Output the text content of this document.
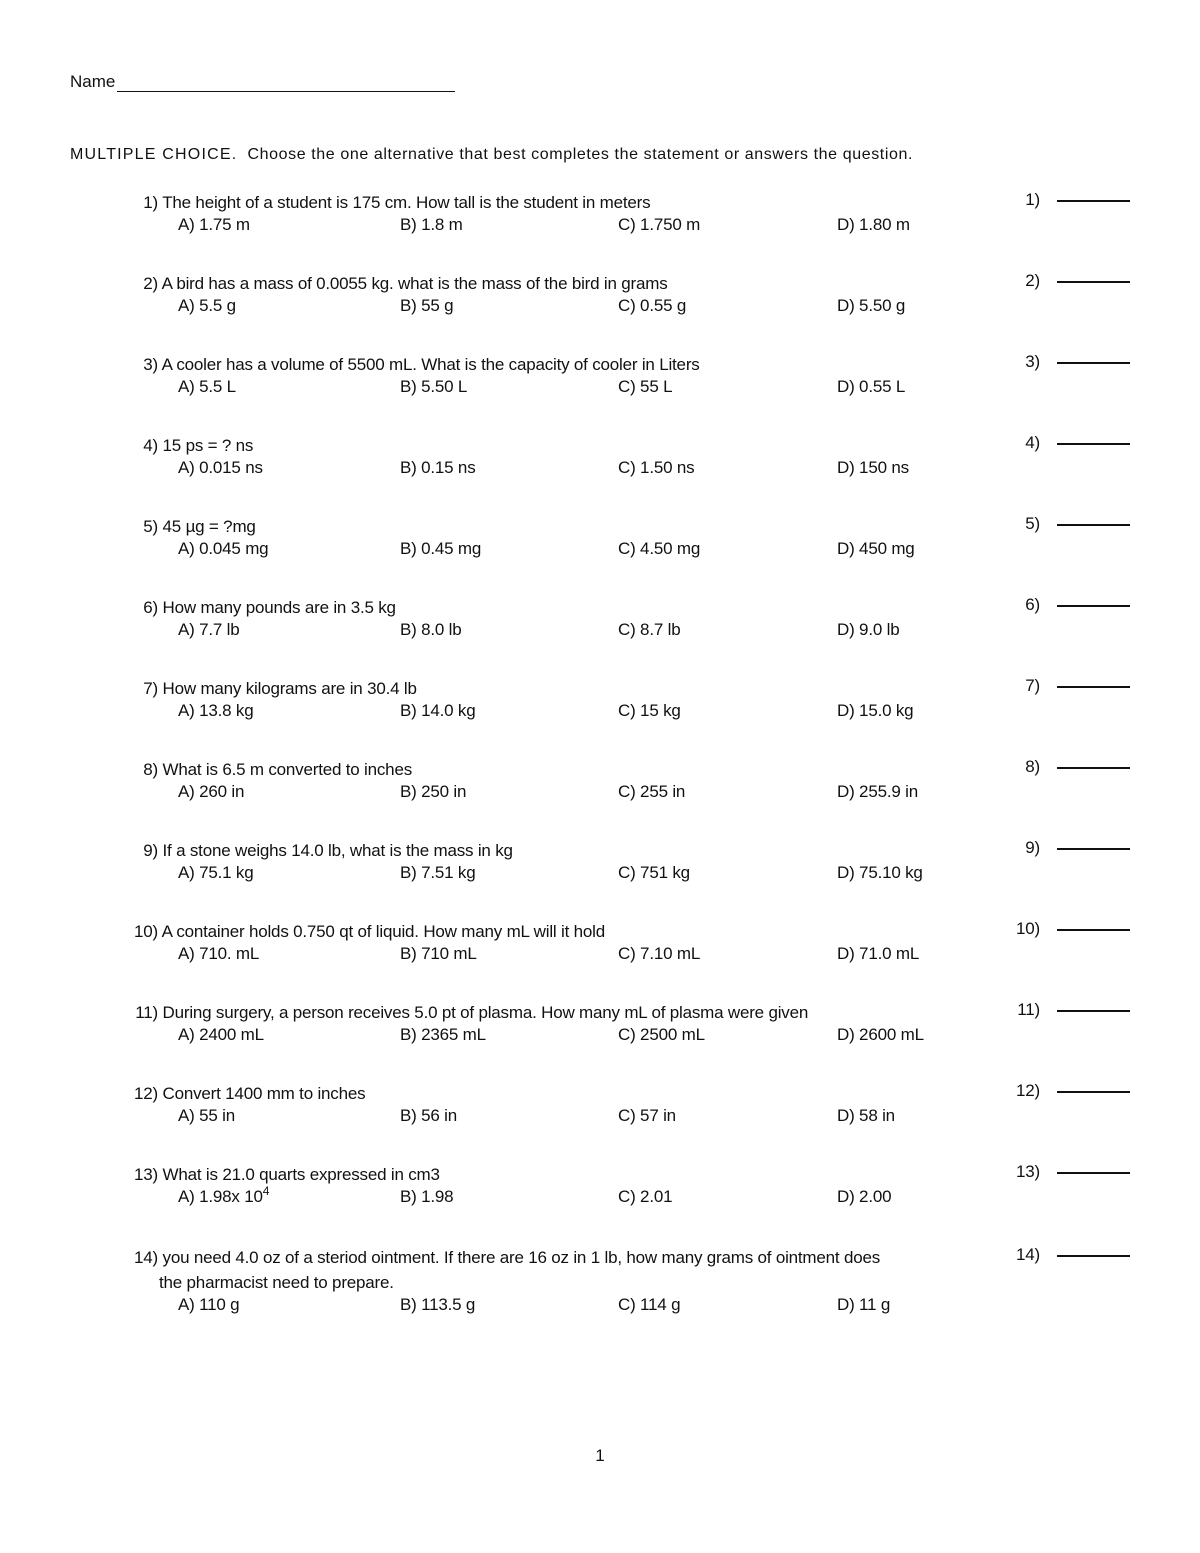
Name
MULTIPLE CHOICE. Choose the one alternative that best completes the statement or answers the question.
1) The height of a student is 175 cm. How tall is the student in meters
A) 1.75 m	B) 1.8 m	C) 1.750 m	D) 1.80 m
1)
2) A bird has a mass of 0.0055 kg. what is the mass of the bird in grams
A) 5.5 g	B) 55 g	C) 0.55 g	D) 5.50 g
2)
3) A cooler has a volume of 5500 mL. What is the capacity of cooler in Liters
A) 5.5 L	B) 5.50 L	C) 55 L	D) 0.55 L
3)
4) 15 ps = ? ns
A) 0.015 ns	B) 0.15 ns	C) 1.50 ns	D) 150 ns
4)
5) 45 µg = ?mg
A) 0.045 mg	B) 0.45 mg	C) 4.50 mg	D) 450 mg
5)
6) How many pounds are in 3.5 kg
A) 7.7 lb	B) 8.0 lb	C) 8.7 lb	D) 9.0 lb
6)
7) How many kilograms are in 30.4 lb
A) 13.8 kg	B) 14.0 kg	C) 15 kg	D) 15.0 kg
7)
8) What is 6.5 m converted to inches
A) 260 in	B) 250 in	C) 255 in	D) 255.9 in
8)
9) If a stone weighs 14.0 lb, what is the mass in kg
A) 75.1 kg	B) 7.51 kg	C) 751 kg	D) 75.10 kg
9)
10) A container holds 0.750 qt of liquid. How many mL will it hold
A) 710. mL	B) 710 mL	C) 7.10 mL	D) 71.0 mL
10)
11) During surgery, a person receives 5.0 pt of plasma. How many mL of plasma were given
A) 2400 mL	B) 2365 mL	C) 2500 mL	D) 2600 mL
11)
12) Convert 1400 mm to inches
A) 55 in	B) 56 in	C) 57 in	D) 58 in
12)
13) What is 21.0 quarts expressed in cm3
A) 1.98x $10^4$	B) 1.98	C) 2.01	D) 2.00
13)
14) you need 4.0 oz of a steriod ointment. If there are 16 oz in 1 lb, how many grams of ointment does
the pharmacist need to prepare.
A) 110 g	B) 113.5 g	C) 114 g	D) 11 g
14)
1
